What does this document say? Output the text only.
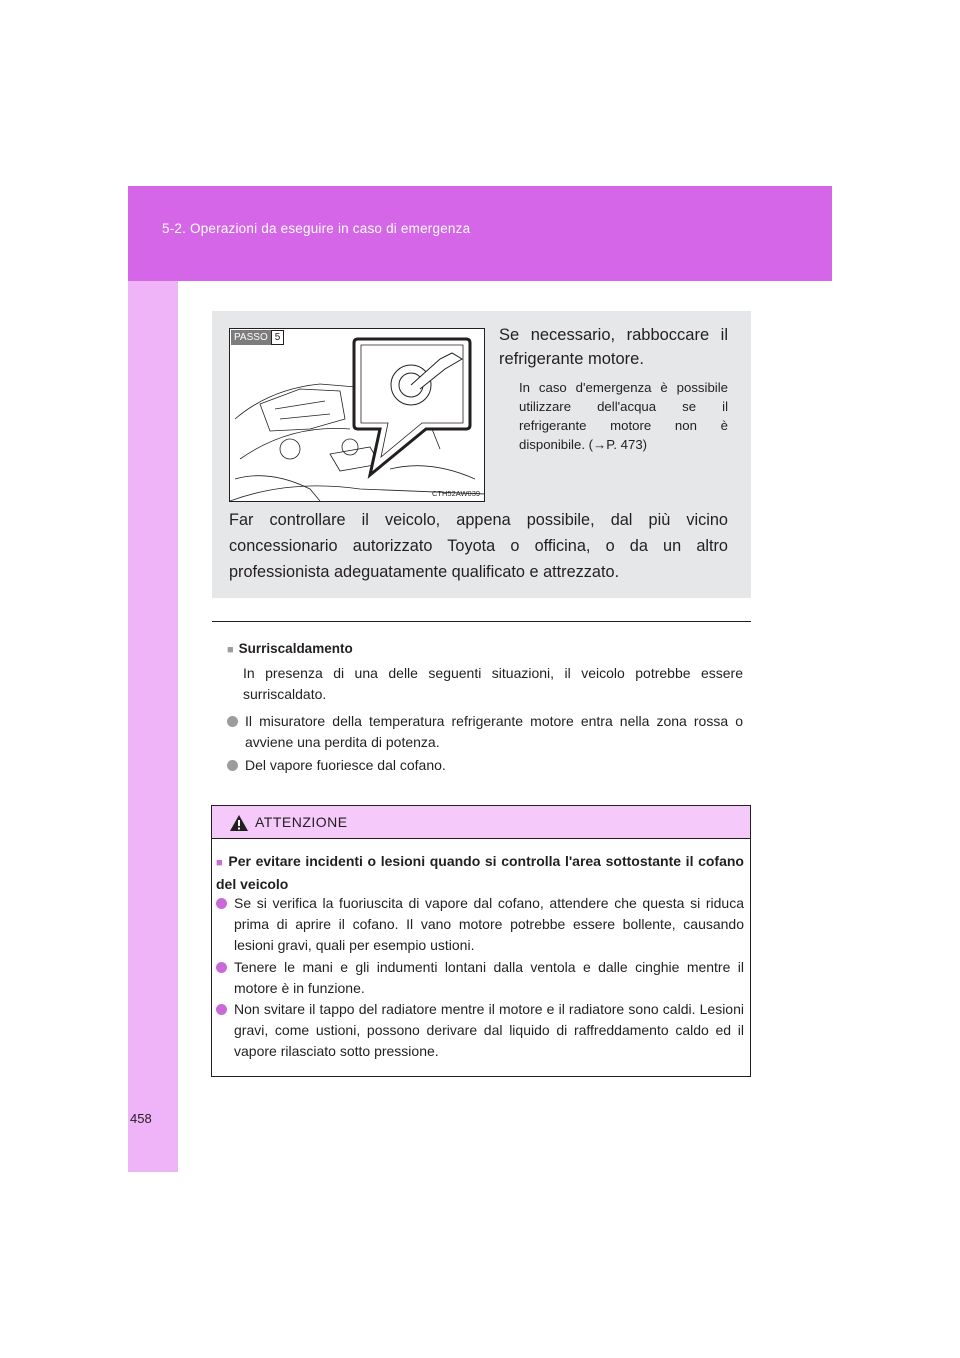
5-2. Operazioni da eseguire in caso di emergenza
458
PASSO 5
CTH52AW039
Se necessario, rabboccare il refrigerante motore.
In caso d'emergenza è possibile utilizzare dell'acqua se il refrigerante motore non è disponibile. (→P. 473)
Far controllare il veicolo, appena possibile, dal più vicino concessionario autorizzato Toyota o officina, o da un altro professionista adeguatamente qualificato e attrezzato.
■ Surriscaldamento
In presenza di una delle seguenti situazioni, il veicolo potrebbe essere surriscaldato.
Il misuratore della temperatura refrigerante motore entra nella zona rossa o avviene una perdita di potenza.
Del vapore fuoriesce dal cofano.
ATTENZIONE
■ Per evitare incidenti o lesioni quando si controlla l'area sottostante il cofano del veicolo
Se si verifica la fuoriuscita di vapore dal cofano, attendere che questa si riduca prima di aprire il cofano. Il vano motore potrebbe essere bollente, causando lesioni gravi, quali per esempio ustioni.
Tenere le mani e gli indumenti lontani dalla ventola e dalle cinghie mentre il motore è in funzione.
Non svitare il tappo del radiatore mentre il motore e il radiatore sono caldi. Lesioni gravi, come ustioni, possono derivare dal liquido di raffreddamento caldo ed il vapore rilasciato sotto pressione.
